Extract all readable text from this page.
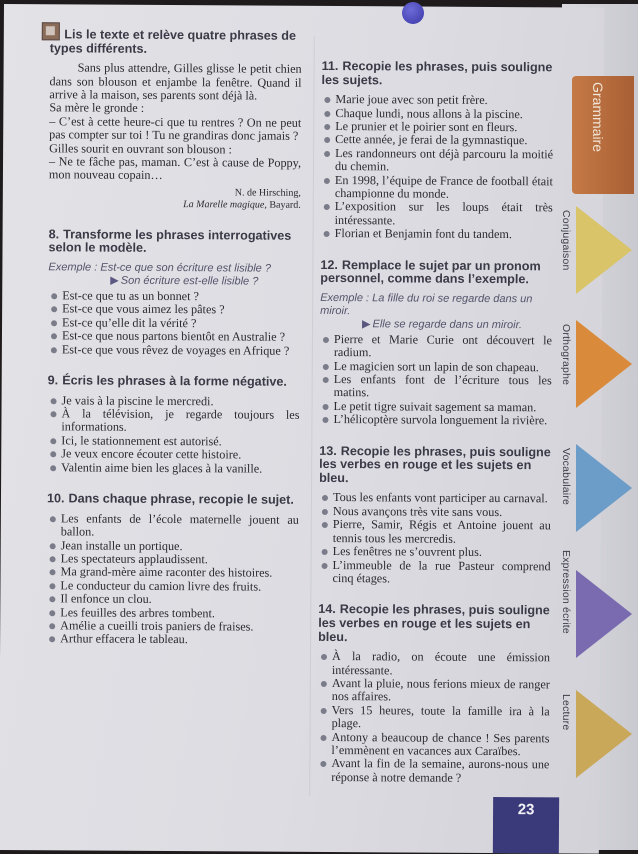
Lis le texte et relève quatre phrases de types différents.

Sans plus attendre, Gilles glisse le petit chien dans son blouson et enjambe la fenêtre. Quand il arrive à la maison, ses parents sont déjà là.

Sa mère le gronde :

– C’est à cette heure-ci que tu rentres ? On ne peut pas compter sur toi ! Tu ne grandiras donc jamais ?

Gilles sourit en ouvrant son blouson :

– Ne te fâche pas, maman. C’est à cause de Poppy, mon nouveau copain…

N. de Hirsching,
La Marelle magique, Bayard.
8. Transforme les phrases interrogatives selon le modèle.
Exemple : Est-ce que son écriture est lisible ?
▶ Son écriture est-elle lisible ?
Est-ce que tu as un bonnet ?
Est-ce que vous aimez les pâtes ?
Est-ce qu’elle dit la vérité ?
Est-ce que nous partons bientôt en Australie ?
Est-ce que vous rêvez de voyages en Afrique ?
9. Écris les phrases à la forme négative.
Je vais à la piscine le mercredi.
À la télévision, je regarde toujours les informations.
Ici, le stationnement est autorisé.
Je veux encore écouter cette histoire.
Valentin aime bien les glaces à la vanille.
10. Dans chaque phrase, recopie le sujet.
Les enfants de l’école maternelle jouent au ballon.
Jean installe un portique.
Les spectateurs applaudissent.
Ma grand-mère aime raconter des histoires.
Le conducteur du camion livre des fruits.
Il enfonce un clou.
Les feuilles des arbres tombent.
Amélie a cueilli trois paniers de fraises.
Arthur effacera le tableau.
11. Recopie les phrases, puis souligne les sujets.
Marie joue avec son petit frère.
Chaque lundi, nous allons à la piscine.
Le prunier et le poirier sont en fleurs.
Cette année, je ferai de la gymnastique.
Les randonneurs ont déjà parcouru la moitié du chemin.
En 1998, l’équipe de France de football était championne du monde.
L’exposition sur les loups était très intéressante.
Florian et Benjamin font du tandem.
12. Remplace le sujet par un pronom personnel, comme dans l’exemple.
Exemple : La fille du roi se regarde dans un miroir.
▶ Elle se regarde dans un miroir.
Pierre et Marie Curie ont découvert le radium.
Le magicien sort un lapin de son chapeau.
Les enfants font de l’écriture tous les matins.
Le petit tigre suivait sagement sa maman.
L’hélicoptère survola longuement la rivière.
13. Recopie les phrases, puis souligne les verbes en rouge et les sujets en bleu.
Tous les enfants vont participer au carnaval.
Nous avançons très vite sans vous.
Pierre, Samir, Régis et Antoine jouent au tennis tous les mercredis.
Les fenêtres ne s’ouvrent plus.
L’immeuble de la rue Pasteur comprend cinq étages.
14. Recopie les phrases, puis souligne les verbes en rouge et les sujets en bleu.
À la radio, on écoute une émission intéressante.
Avant la pluie, nous ferions mieux de ranger nos affaires.
Vers 15 heures, toute la famille ira à la plage.
Antony a beaucoup de chance ! Ses parents l’emmènent en vacances aux Caraïbes.
Avant la fin de la semaine, aurons-nous une réponse à notre demande ?
23
Grammaire
Conjugaison
Orthographe
Vocabulaire
Expression écrite
Lecture
